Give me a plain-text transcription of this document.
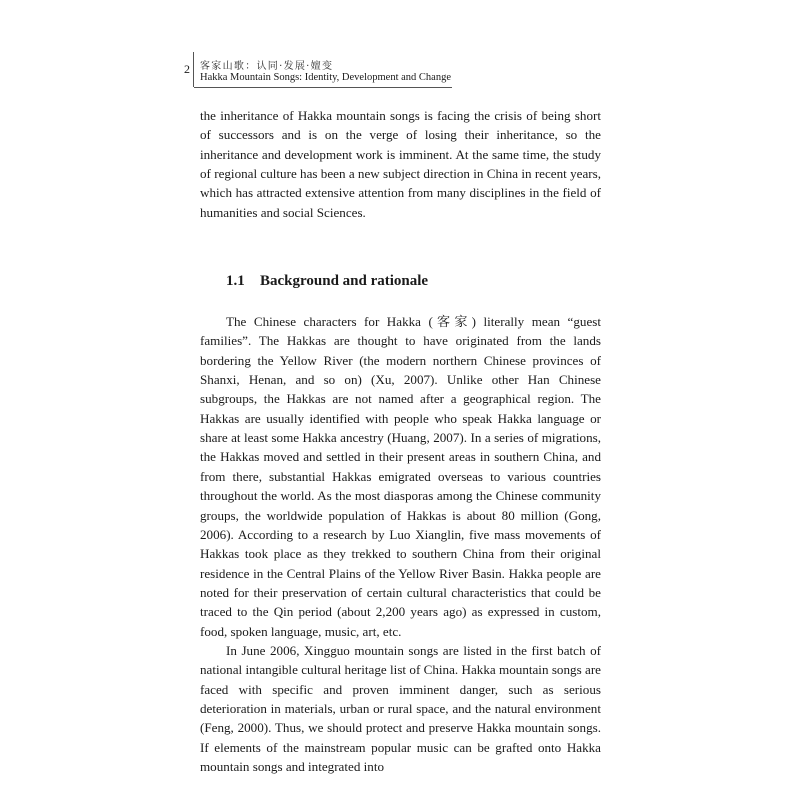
2	客家山歌：认同·发展·嬗变
Hakka Mountain Songs: Identity, Development and Change

the inheritance of Hakka mountain songs is facing the crisis of being short of successors and is on the verge of losing their inheritance, so the inheritance and development work is imminent. At the same time, the study of regional culture has been a new subject direction in China in recent years, which has attracted extensive attention from many disciplines in the field of humanities and social Sciences.

1.1 Background and rationale

The Chinese characters for Hakka (客家) literally mean “guest families”. The Hakkas are thought to have originated from the lands bordering the Yellow River (the modern northern Chinese provinces of Shanxi, Henan, and so on) (Xu, 2007). Unlike other Han Chinese subgroups, the Hakkas are not named after a geographical region. The Hakkas are usually identified with people who speak Hakka language or share at least some Hakka ancestry (Huang, 2007). In a series of migrations, the Hakkas moved and settled in their present areas in southern China, and from there, substantial Hakkas emigrated overseas to various countries throughout the world. As the most diasporas among the Chinese community groups, the worldwide population of Hakkas is about 80 million (Gong, 2006). According to a research by Luo Xianglin, five mass movements of Hakkas took place as they trekked to southern China from their original residence in the Central Plains of the Yellow River Basin. Hakka people are noted for their preservation of certain cultural characteristics that could be traced to the Qin period (about 2,200 years ago) as expressed in custom, food, spoken language, music, art, etc.

In June 2006, Xingguo mountain songs are listed in the first batch of national intangible cultural heritage list of China. Hakka mountain songs are faced with specific and proven imminent danger, such as serious deterioration in materials, urban or rural space, and the natural environment (Feng, 2000). Thus, we should protect and preserve Hakka mountain songs. If elements of the mainstream popular music can be grafted onto Hakka mountain songs and integrated into
